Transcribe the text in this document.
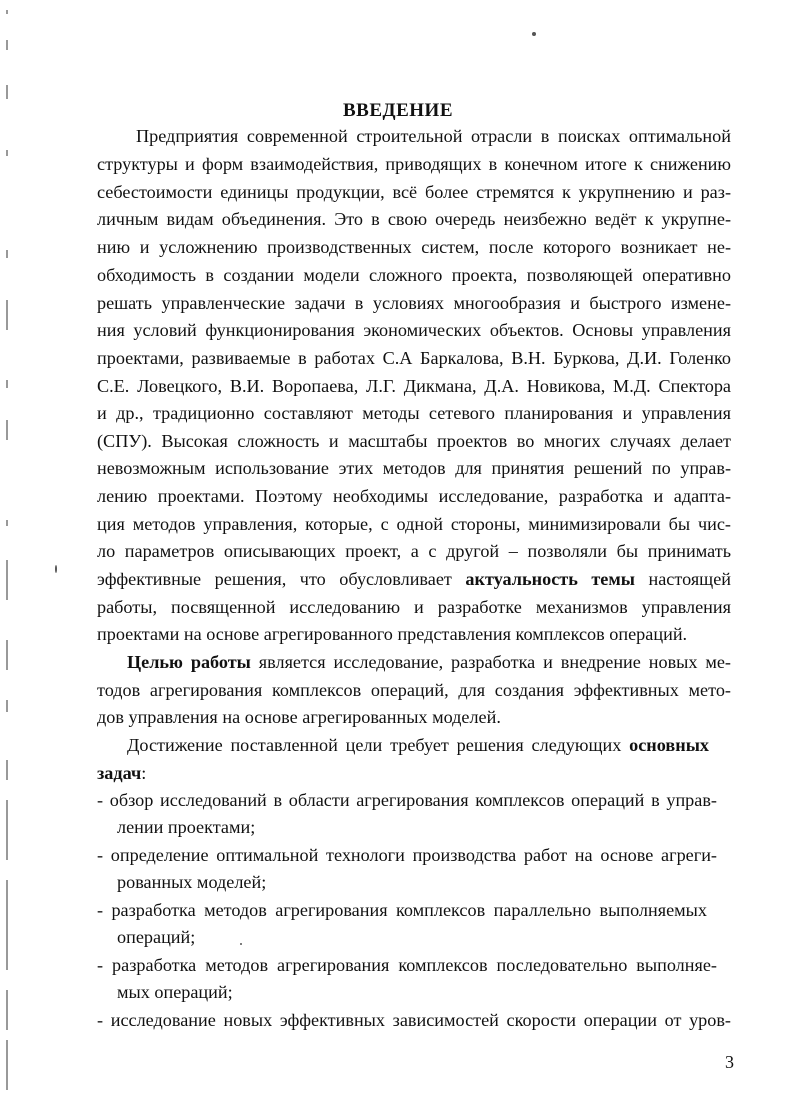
ВВЕДЕНИЕ
Предприятия современной строительной отрасли в поисках оптимальной
структуры и форм взаимодействия, приводящих в конечном итоге к снижению
себестоимости единицы продукции, всё более стремятся к укрупнению и раз-
личным видам объединения. Это в свою очередь неизбежно ведёт к укрупне-
нию и усложнению производственных систем, после которого возникает не-
обходимость в создании модели сложного проекта, позволяющей оперативно
решать управленческие задачи в условиях многообразия и быстрого измене-
ния условий функционирования экономических объектов. Основы управления
проектами, развиваемые в работах С.А Баркалова, В.Н. Буркова, Д.И. Голенко
С.Е. Ловецкого, В.И. Воропаева, Л.Г. Дикмана, Д.А. Новикова, М.Д. Спектора
и др., традиционно составляют методы сетевого планирования и управления
(СПУ). Высокая сложность и масштабы проектов во многих случаях делает
невозможным использование этих методов для принятия решений по управ-
лению проектами. Поэтому необходимы исследование, разработка и адапта-
ция методов управления, которые, с одной стороны, минимизировали бы чис-
ло параметров описывающих проект, а с другой – позволяли бы принимать
эффективные решения, что обусловливает актуальность темы настоящей
работы, посвященной исследованию и разработке механизмов управления
проектами на основе агрегированного представления комплексов операций.
Целью работы является исследование, разработка и внедрение новых ме-
тодов агрегирования комплексов операций, для создания эффективных мето-
дов управления на основе агрегированных моделей.
Достижение поставленной цели требует решения следующих основных
задач:
- обзор исследований в области агрегирования комплексов операций в управ-
лении проектами;
- определение оптимальной технологи производства работ на основе агреги-
рованных моделей;
- разработка методов агрегирования комплексов параллельно выполняемых
операций;
- разработка методов агрегирования комплексов последовательно выполняе-
мых операций;
- исследование новых эффективных зависимостей скорости операции от уров-
3
